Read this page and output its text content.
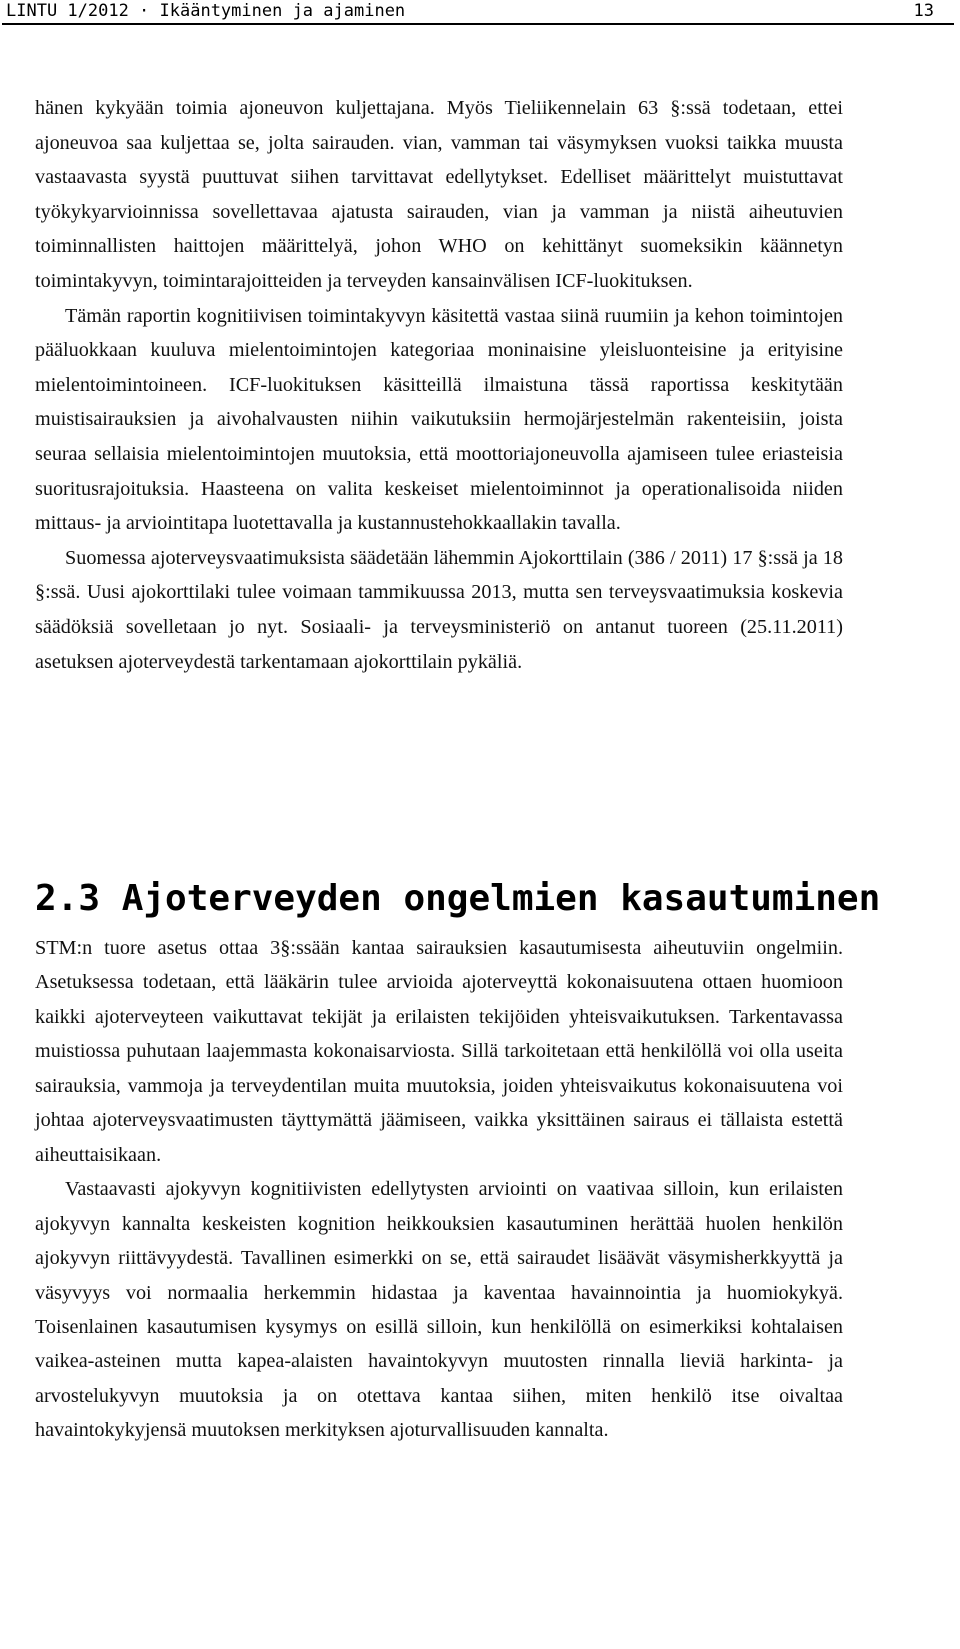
LINTU 1/2012 · Ikääntyminen ja ajaminen	13

hänen kykyään toimia ajoneuvon kuljettajana. Myös Tieliikennelain 63 §:ssä todetaan, ettei ajoneuvoa saa kuljettaa se, jolta sairauden. vian, vamman tai väsymyksen vuoksi taikka muusta vastaavasta syystä puuttuvat siihen tarvittavat edellytykset. Edelliset määrittelyt muistuttavat työkykyarvioinnissa sovellettavaa ajatusta sairauden, vian ja vamman ja niistä aiheutuvien toiminnallisten haittojen määrittelyä, johon WHO on kehittänyt suomeksikin käännetyn toimintakyvyn, toimintarajoitteiden ja terveyden kansainvälisen ICF-luokituksen.

Tämän raportin kognitiivisen toimintakyvyn käsitettä vastaa siinä ruumiin ja kehon toimintojen pääluokkaan kuuluva mielentoimintojen kategoriaa moninaisine yleisluonteisine ja erityisine mielentoimintoineen. ICF-luokituksen käsitteillä ilmaistuna tässä raportissa keskitytään muistisairauksien ja aivohalvausten niihin vaikutuksiin hermojärjestelmän rakenteisiin, joista seuraa sellaisia mielentoimintojen muutoksia, että moottoriajoneuvolla ajamiseen tulee eriasteisia suoritusrajoituksia. Haasteena on valita keskeiset mielentoiminnot ja operationalisoida niiden mittaus- ja arviointitapa luotettavalla ja kustannustehokkaallakin tavalla.

Suomessa ajoterveysvaatimuksista säädetään lähemmin Ajokorttilain (386 / 2011) 17 §:ssä ja 18 §:ssä. Uusi ajokorttilaki tulee voimaan tammikuussa 2013, mutta sen terveysvaatimuksia koskevia säädöksiä sovelletaan jo nyt. Sosiaali- ja terveysministeriö on antanut tuoreen (25.11.2011) asetuksen ajoterveydestä tarkentamaan ajokorttilain pykäliä.

2.3 Ajoterveyden ongelmien kasautuminen

STM:n tuore asetus ottaa 3§:ssään kantaa sairauksien kasautumisesta aiheutuviin ongelmiin. Asetuksessa todetaan, että lääkärin tulee arvioida ajoterveyttä kokonaisuutena ottaen huomioon kaikki ajoterveyteen vaikuttavat tekijät ja erilaisten tekijöiden yhteisvaikutuksen. Tarkentavassa muistiossa puhutaan laajemmasta kokonaisarviosta. Sillä tarkoitetaan että henkilöllä voi olla useita sairauksia, vammoja ja terveydentilan muita muutoksia, joiden yhteisvaikutus kokonaisuutena voi johtaa ajoterveysvaatimusten täyttymättä jäämiseen, vaikka yksittäinen sairaus ei tällaista estettä aiheuttaisikaan.

Vastaavasti ajokyvyn kognitiivisten edellytysten arviointi on vaativaa silloin, kun erilaisten ajokyvyn kannalta keskeisten kognition heikkouksien kasautuminen herättää huolen henkilön ajokyvyn riittävyydestä. Tavallinen esimerkki on se, että sairaudet lisäävät väsymisherkkyyttä ja väsyvyys voi normaalia herkemmin hidastaa ja kaventaa havainnointia ja huomiokykyä. Toisenlainen kasautumisen kysymys on esillä silloin, kun henkilöllä on esimerkiksi kohtalaisen vaikea-asteinen mutta kapea-alaisten havaintokyvyn muutosten rinnalla lieviä harkinta- ja arvostelukyvyn muutoksia ja on otettava kantaa siihen, miten henkilö itse oivaltaa havaintokykyjensä muutoksen merkityksen ajoturvallisuuden kannalta.
